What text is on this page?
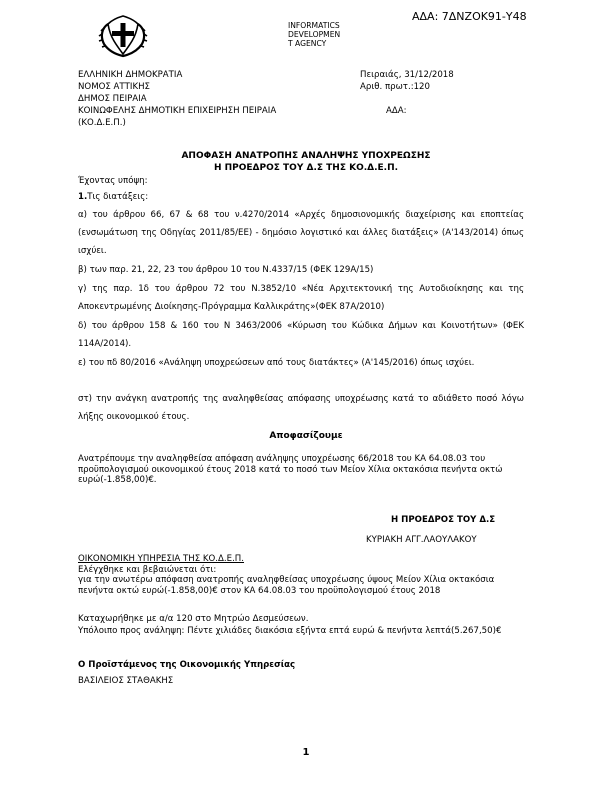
ΑΔΑ: 7ΔΝΖΟΚ91-Υ48
INFORMATICS
DEVELOPMEN
T AGENCY
ΕΛΛΗΝΙΚΗ ΔΗΜΟΚΡΑΤΙΑ
ΝΟΜΟΣ ΑΤΤΙΚΗΣ
ΔΗΜΟΣ ΠΕΙΡΑΙΑ
ΚΟΙΝΩΦΕΛΗΣ ΔΗΜΟΤΙΚΗ ΕΠΙΧΕΙΡΗΣΗ ΠΕΙΡΑΙΑ
(ΚΟ.Δ.Ε.Π.)
Πειραιάς, 31/12/2018
Αριθ. πρωτ.:120
ΑΔΑ:
ΑΠΟΦΑΣΗ ΑΝΑΤΡΟΠΗΣ ΑΝΑΛΗΨΗΣ ΥΠΟΧΡΕΩΣΗΣ
Η ΠΡΟΕΔΡΟΣ ΤΟΥ Δ.Σ ΤΗΣ ΚΟ.Δ.Ε.Π.
Έχοντας υπόψη:
1.Τις διατάξεις:
α) του άρθρου 66, 67 & 68 του ν.4270/2014 «Αρχές δημοσιονομικής διαχείρισης και εποπτείας (ενσωμάτωση της Οδηγίας 2011/85/ΕΕ) - δημόσιο λογιστικό και άλλες διατάξεις» (Α'143/2014) όπως ισχύει.
β) των παρ. 21, 22, 23 του άρθρου 10 του Ν.4337/15 (ΦΕΚ 129Α/15)
γ) της παρ. 1δ του άρθρου 72 του Ν.3852/10 «Νέα Αρχιτεκτονική της Αυτοδιοίκησης και της Αποκεντρωμένης Διοίκησης-Πρόγραμμα Καλλικράτης»(ΦΕΚ 87Α/2010)
δ) του άρθρου 158 & 160 του Ν 3463/2006 «Κύρωση του Κώδικα Δήμων και Κοινοτήτων» (ΦΕΚ 114Α/2014).
ε) του πδ 80/2016 «Ανάληψη υποχρεώσεων από τους διατάκτες» (Α'145/2016) όπως ισχύει.
στ) την ανάγκη ανατροπής της αναληφθείσας απόφασης υποχρέωσης κατά το αδιάθετο ποσό λόγω λήξης οικονομικού έτους.
Αποφασίζουμε
Ανατρέπουμε την αναληφθείσα απόφαση ανάληψης υποχρέωσης 66/2018 του ΚΑ 64.08.03 του προϋπολογισμού οικονομικού έτους 2018 κατά το ποσό των Μείον Χίλια οκτακόσια πενήντα οκτώ ευρώ(-1.858,00)€.
Η ΠΡΟΕΔΡΟΣ ΤΟΥ Δ.Σ
ΚΥΡΙΑΚΗ ΑΓΓ.ΛΑΟΥΛΑΚΟΥ
ΟΙΚΟΝΟΜΙΚΗ ΥΠΗΡΕΣΙΑ ΤΗΣ ΚΟ.Δ.Ε.Π.
Ελέγχθηκε και βεβαιώνεται ότι:
για την ανωτέρω απόφαση ανατροπής αναληφθείσας υποχρέωσης ύψους Μείον Χίλια οκτακόσια πενήντα οκτώ ευρώ(-1.858,00)€ στον ΚΑ 64.08.03 του προϋπολογισμού έτους 2018
Καταχωρήθηκε με α/α 120 στο Μητρώο Δεσμεύσεων.
Υπόλοιπο προς ανάληψη: Πέντε χιλιάδες διακόσια εξήντα επτά ευρώ & πενήντα λεπτά(5.267,50)€
Ο Προϊστάμενος της Οικονομικής Υπηρεσίας
ΒΑΣΙΛΕΙΟΣ ΣΤΑΘΑΚΗΣ
1
